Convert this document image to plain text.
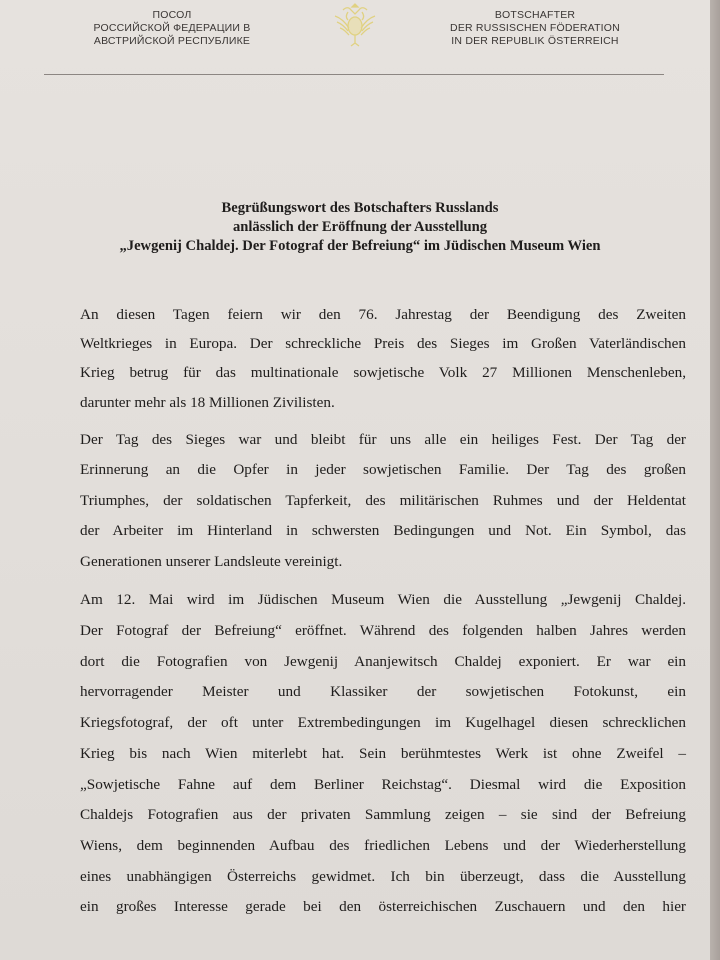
ПОСОЛ
РОССИЙСКОЙ ФЕДЕРАЦИИ В
АВСТРИЙСКОЙ РЕСПУБЛИКЕ
BOTSCHAFTER
DER RUSSISCHEN FÖDERATION
IN DER REPUBLIK ÖSTERREICH
Begrüßungswort des Botschafters Russlands
anlässlich der Eröffnung der Ausstellung
„Jewgenij Chaldej. Der Fotograf der Befreiung“ im Jüdischen Museum Wien

An diesen Tagen feiern wir den 76. Jahrestag der Beendigung des Zweiten
Weltkrieges in Europa. Der schreckliche Preis des Sieges im Großen Vaterländischen
Krieg betrug für das multinationale sowjetische Volk 27 Millionen Menschenleben,
darunter mehr als 18 Millionen Zivilisten.

Der Tag des Sieges war und bleibt für uns alle ein heiliges Fest. Der Tag der
Erinnerung an die Opfer in jeder sowjetischen Familie. Der Tag des großen
Triumphes, der soldatischen Tapferkeit, des militärischen Ruhmes und der Heldentat
der Arbeiter im Hinterland in schwersten Bedingungen und Not. Ein Symbol, das
Generationen unserer Landsleute vereinigt.

Am 12. Mai wird im Jüdischen Museum Wien die Ausstellung „Jewgenij Chaldej.
Der Fotograf der Befreiung“ eröffnet. Während des folgenden halben Jahres werden
dort die Fotografien von Jewgenij Ananjewitsch Chaldej exponiert. Er war ein
hervorragender Meister und Klassiker der sowjetischen Fotokunst, ein
Kriegsfotograf, der oft unter Extrembedingungen im Kugelhagel diesen schrecklichen
Krieg bis nach Wien miterlebt hat. Sein berühmtestes Werk ist ohne Zweifel –
„Sowjetische Fahne auf dem Berliner Reichstag“. Diesmal wird die Exposition
Chaldejs Fotografien aus der privaten Sammlung zeigen – sie sind der Befreiung
Wiens, dem beginnenden Aufbau des friedlichen Lebens und der Wiederherstellung
eines unabhängigen Österreichs gewidmet. Ich bin überzeugt, dass die Ausstellung
ein großes Interesse gerade bei den österreichischen Zuschauern und den hier
